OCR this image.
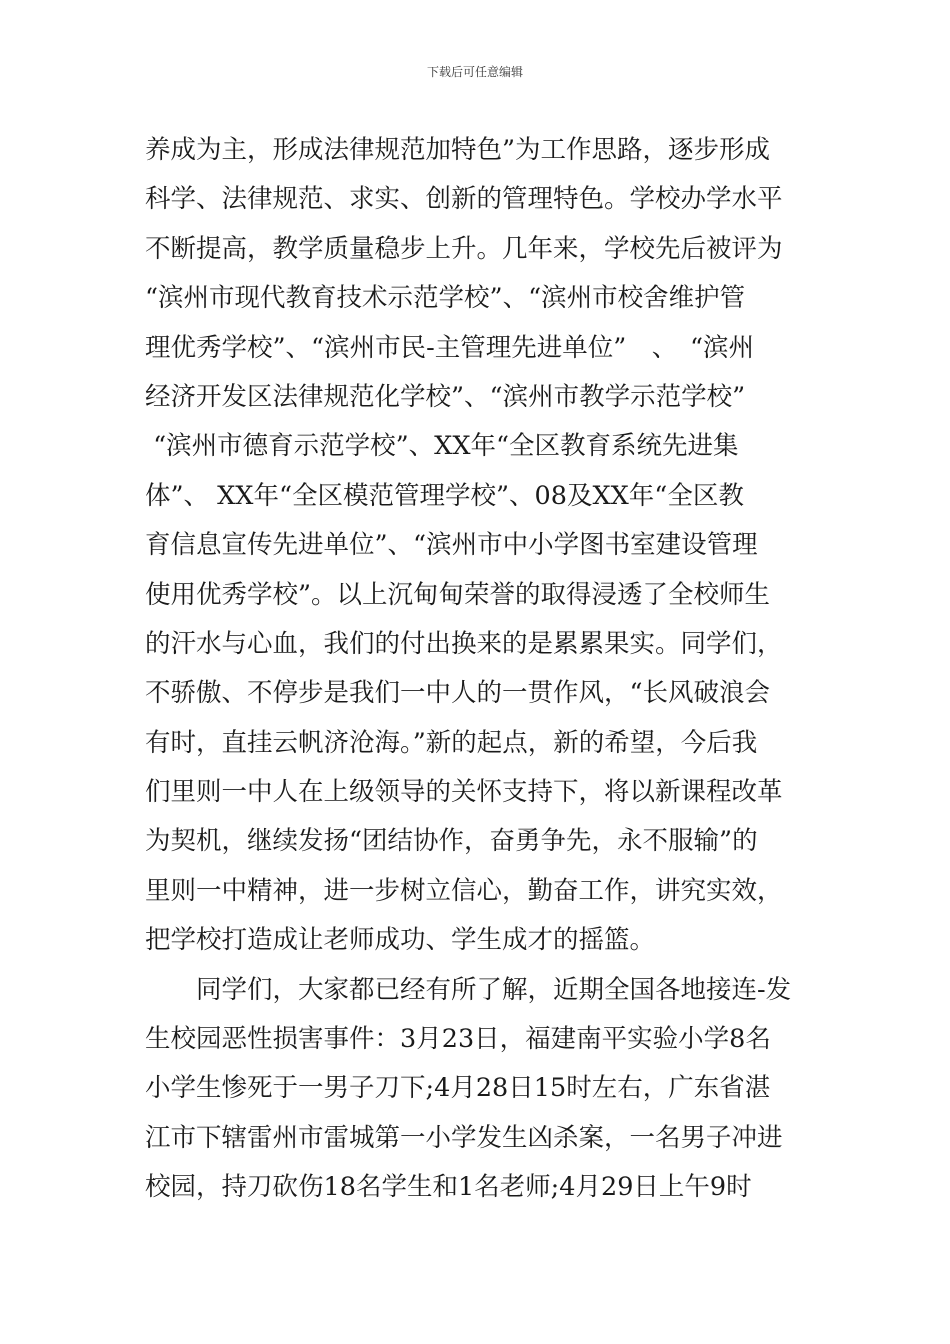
下载后可任意编辑
养成为主，形成法律规范加特色”为工作思路，逐步形成
科学、法律规范、求实、创新的管理特色。学校办学水平
不断提高，教学质量稳步上升。几年来，学校先后被评为
“滨州市现代教育技术示范学校”、“滨州市校舍维护管
理优秀学校”、“滨州市民-主管理先进单位”　、　“滨州
经济开发区法律规范化学校”、“滨州市教学示范学校”
“滨州市德育示范学校”、XX年“全区教育系统先进集
体”、 XX年“全区模范管理学校”、08及XX年“全区教
育信息宣传先进单位”、“滨州市中小学图书室建设管理
使用优秀学校”。以上沉甸甸荣誉的取得浸透了全校师生
的汗水与心血，我们的付出换来的是累累果实。同学们，
不骄傲、不停步是我们一中人的一贯作风，“长风破浪会
有时，直挂云帆济沧海。”新的起点，新的希望，今后我
们里则一中人在上级领导的关怀支持下，将以新课程改革
为契机，继续发扬“团结协作，奋勇争先，永不服输”的
里则一中精神，进一步树立信心，勤奋工作，讲究实效，
把学校打造成让老师成功、学生成才的摇篮。
　　同学们，大家都已经有所了解，近期全国各地接连-发
生校园恶性损害事件：3月23日，福建南平实验小学8名
小学生惨死于一男子刀下;4月28日15时左右，广东省湛
江市下辖雷州市雷城第一小学发生凶杀案，一名男子冲进
校园，持刀砍伤18名学生和1名老师;4月29日上午9时
